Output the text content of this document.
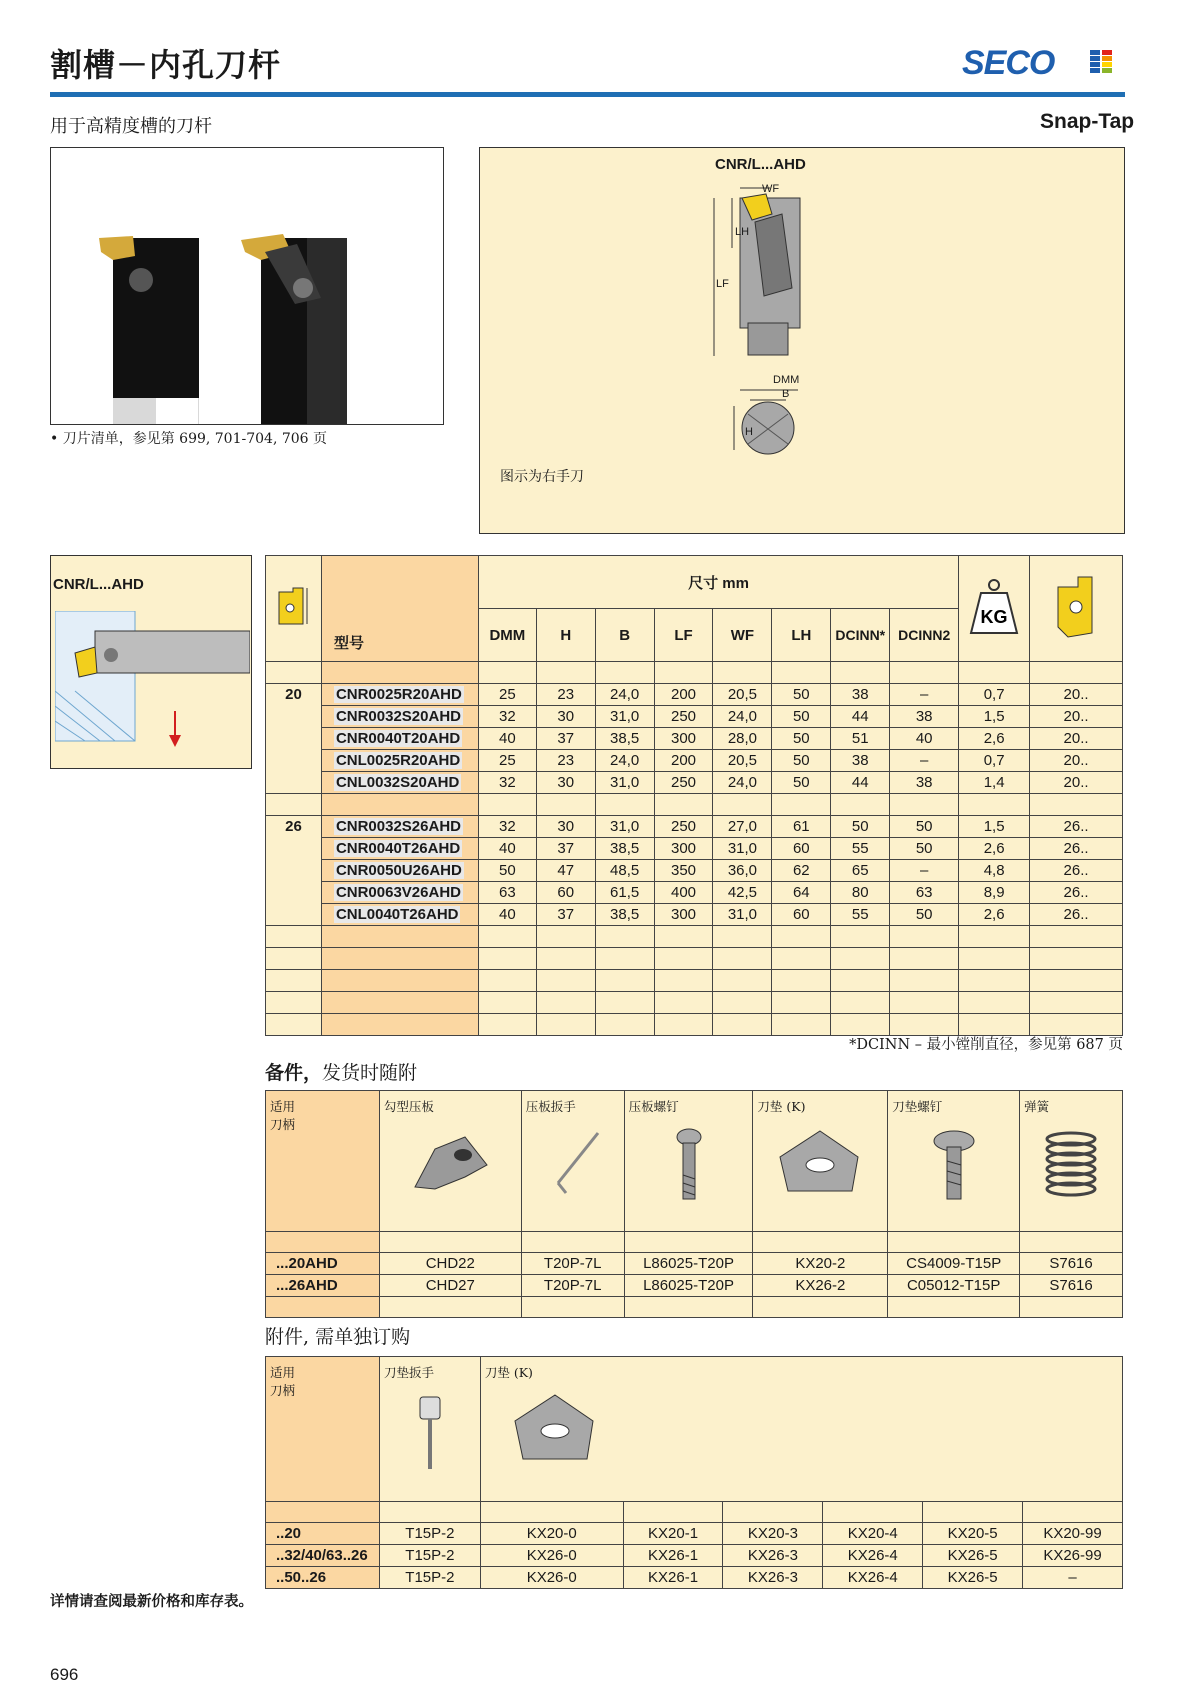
割槽－内孔刀杆	SECO
用于高精度槽的刀杆	Snap-Tap
• 刀片清单，参见第 699, 701-704, 706 页
CNR/L...AHD
WF
LH
LF
DMM
B
H
图示为右手刀
CNR/L...AHD
	型号	尺寸 mm								KG

		DMM	H	B	LF	WF	LH	DCINN*	DCINN2		

20	CNR0025R20AHD	25	23	24,0	200	20,5	50	38	–	0,7	20..
	CNR0032S20AHD	32	30	31,0	250	24,0	50	44	38	1,5	20..
	CNR0040T20AHD	40	37	38,5	300	28,0	50	51	40	2,6	20..
	CNL0025R20AHD	25	23	24,0	200	20,5	50	38	–	0,7	20..
	CNL0032S20AHD	32	30	31,0	250	24,0	50	44	38	1,4	20..

26	CNR0032S26AHD	32	30	31,0	250	27,0	61	50	50	1,5	26..
	CNR0040T26AHD	40	37	38,5	300	31,0	60	55	50	2,6	26..
	CNR0050U26AHD	50	47	48,5	350	36,0	62	65	–	4,8	26..
	CNR0063V26AHD	63	60	61,5	400	42,5	64	80	63	8,9	26..
	CNL0040T26AHD	40	37	38,5	300	31,0	60	55	50	2,6	26..

*DCINN – 最小镗削直径，参见第 687 页
备件，发货时随附
适用
刀柄	勾型压板	压板扳手	压板螺钉	刀垫 (K)	刀垫螺钉	弹簧

...20AHD	CHD22	T20P-7L	L86025-T20P	KX20-2	CS4009-T15P	S7616
...26AHD	CHD27	T20P-7L	L86025-T20P	KX26-2	C05012-T15P	S7616

附件, 需单独订购
适用
刀柄	刀垫扳手	刀垫 (K)					

..20	T15P-2	KX20-0	KX20-1	KX20-3	KX20-4	KX20-5	KX20-99
..32/40/63..26	T15P-2	KX26-0	KX26-1	KX26-3	KX26-4	KX26-5	KX26-99
..50..26	T15P-2	KX26-0	KX26-1	KX26-3	KX26-4	KX26-5	–
详情请查阅最新价格和库存表。
696
